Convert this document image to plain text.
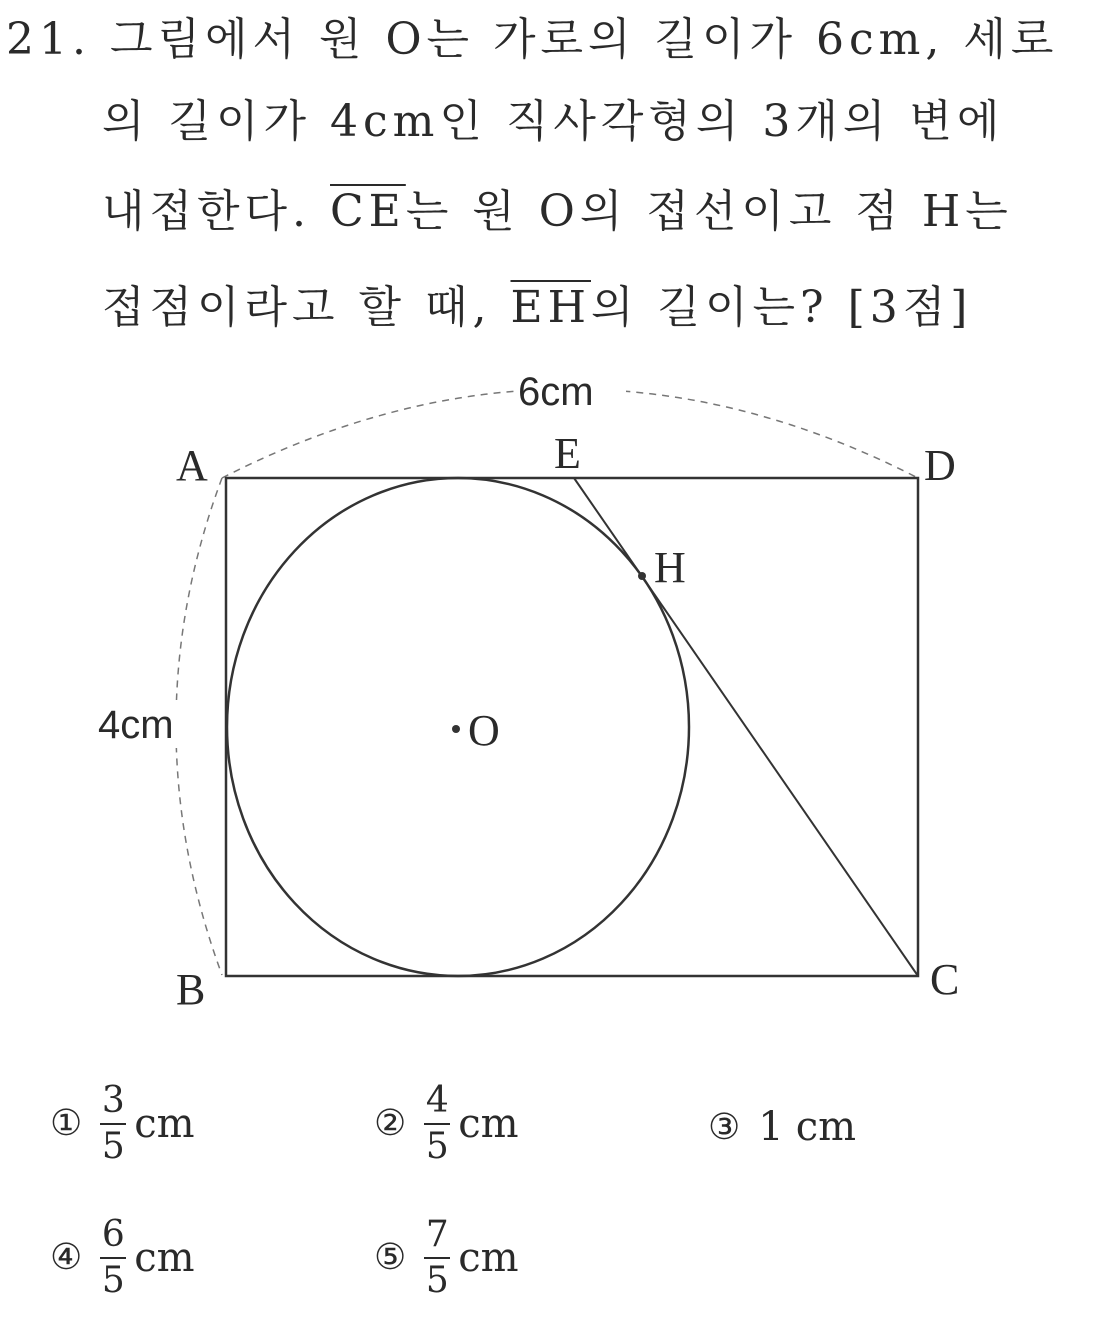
21. 그림에서 원 O는 가로의 길이가 6cm, 세로
의 길이가 4cm인 직사각형의 3개의 변에
내접한다. $\overline{CE}$는 원 O의 접선이고 점 H는
접점이라고 할 때, $\overline{EH}$의 길이는? [3점]
A	D
B	C
E
H
O
6cm
4cm
① $\frac{3}{5}$ cm	② $\frac{4}{5}$ cm	③ 1 cm
④ $\frac{6}{5}$ cm	⑤ $\frac{7}{5}$ cm
